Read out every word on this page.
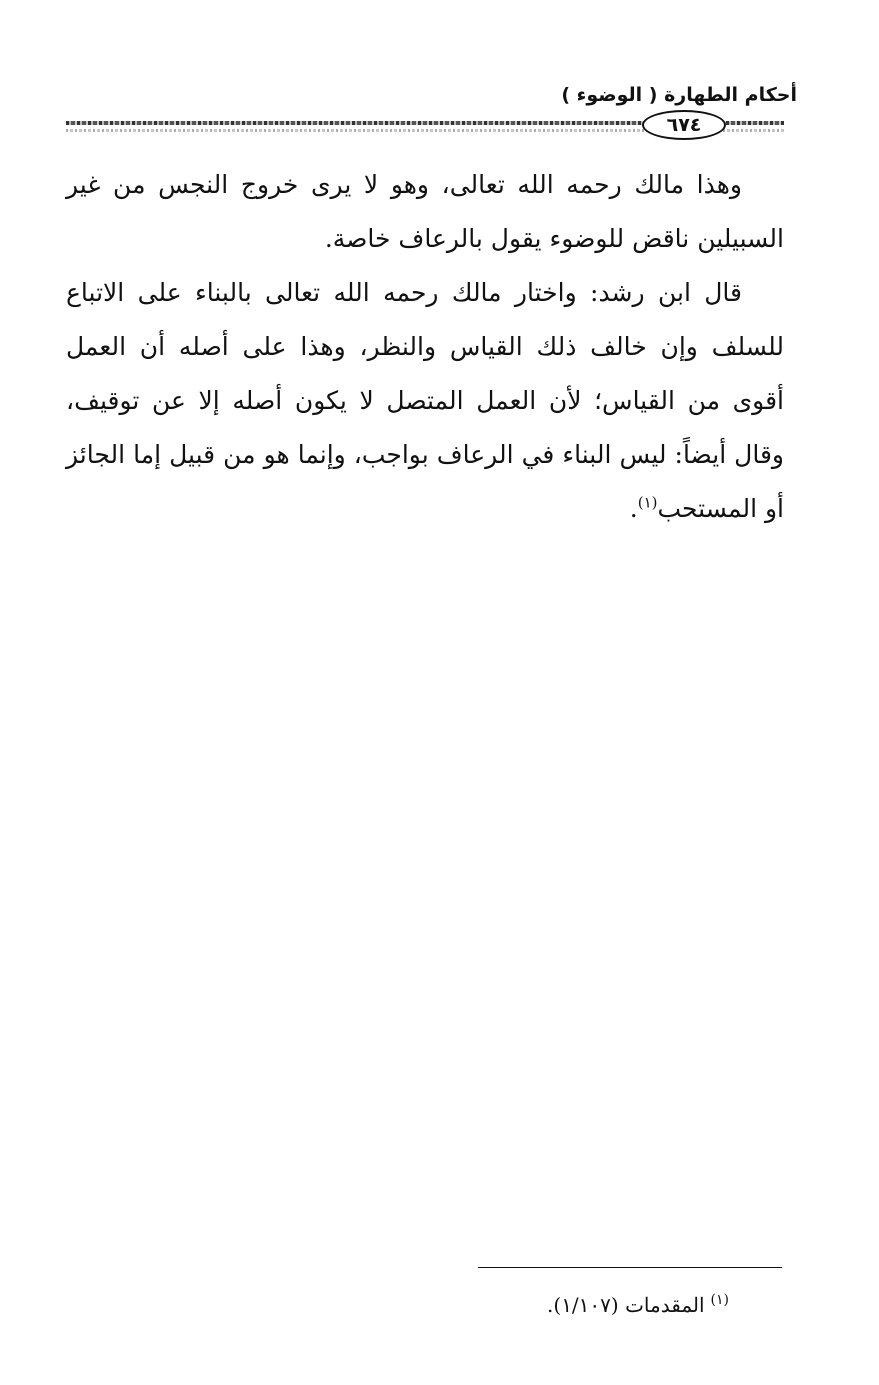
أحكام الطهارة ( الوضوء )
٦٧٤

وهذا مالك رحمه الله تعالى، وهو لا يرى خروج النجس من غير السبيلين ناقض للوضوء يقول بالرعاف خاصة.

قال ابن رشد: واختار مالك رحمه الله تعالى بالبناء على الاتباع للسلف وإن خالف ذلك القياس والنظر، وهذا على أصله أن العمل أقوى من القياس؛ لأن العمل المتصل لا يكون أصله إلا عن توقيف، وقال أيضاً: ليس البناء في الرعاف بواجب، وإنما هو من قبيل إما الجائز أو المستحب$^{(١)}$.

$^{(١)}$المقدمات (١/١٠٧).
